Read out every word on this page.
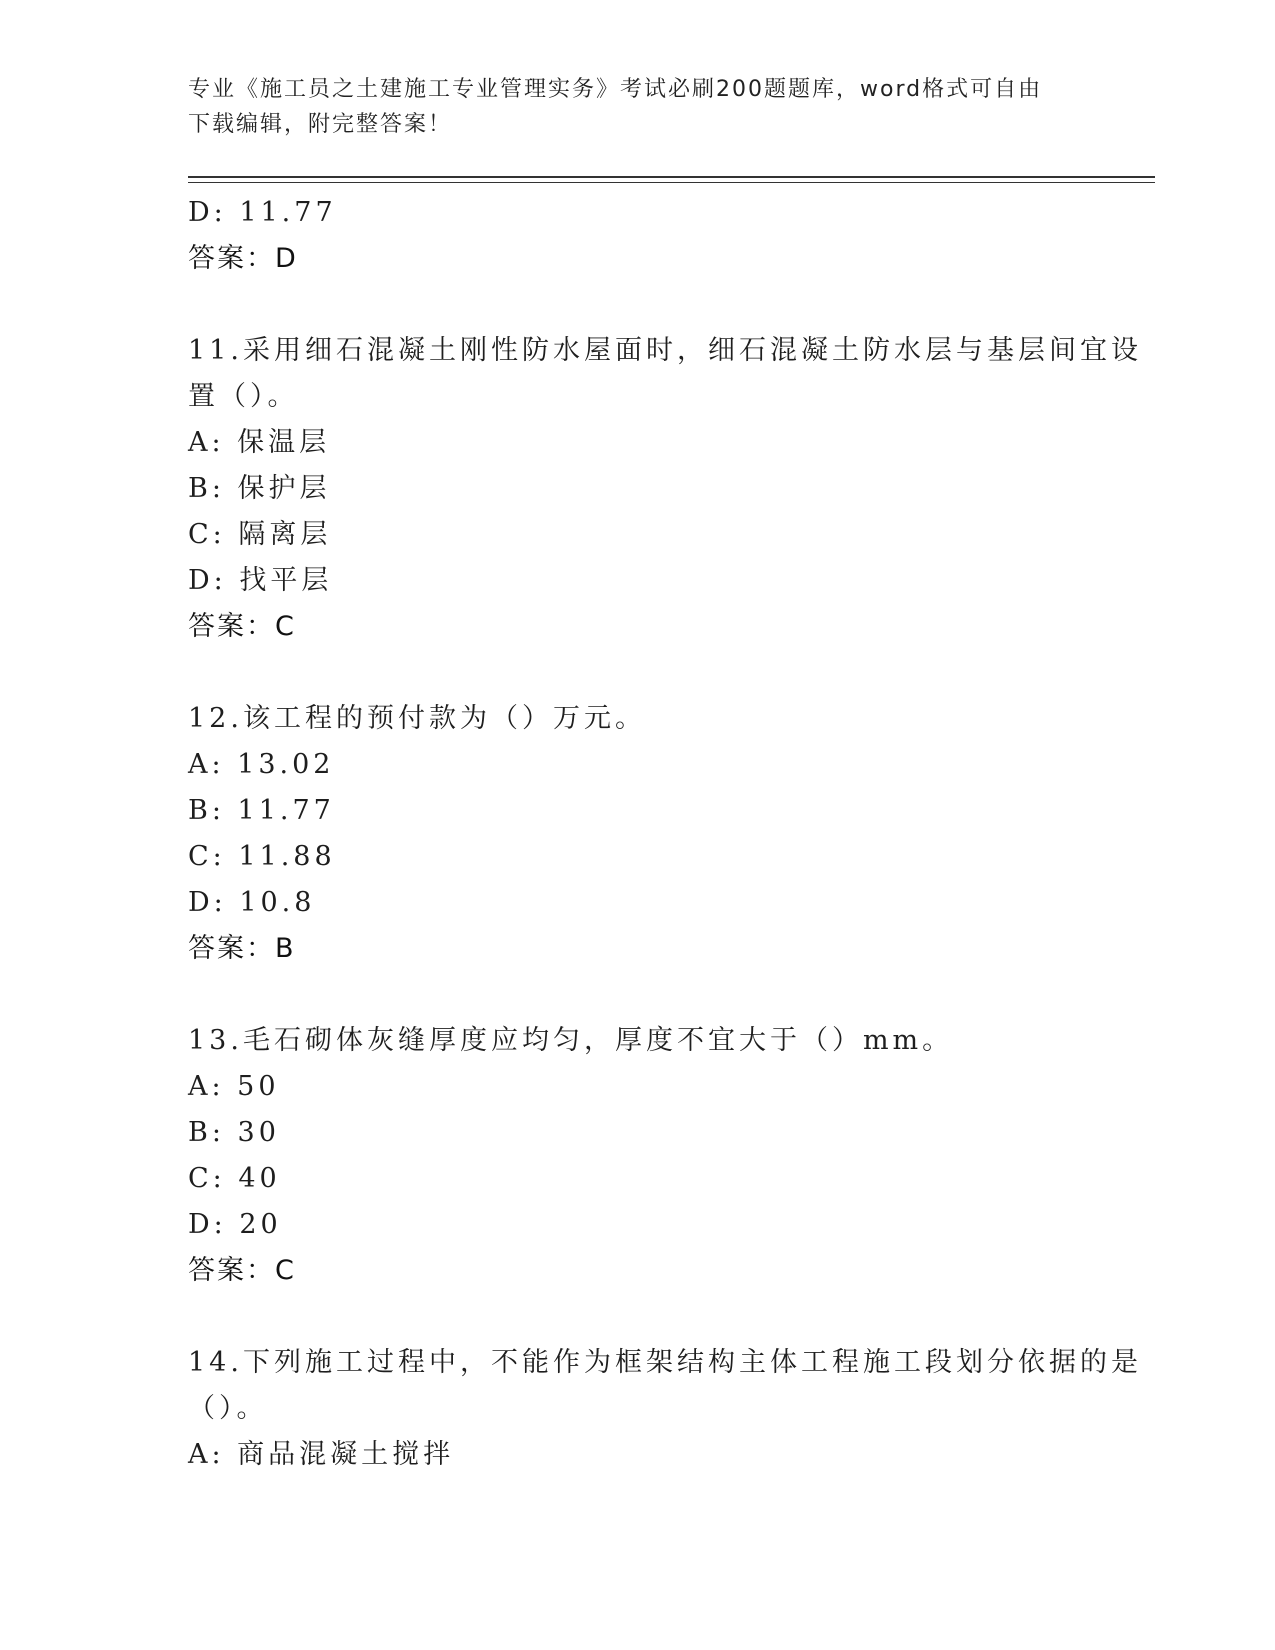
专业《施工员之土建施工专业管理实务》考试必刷200题题库，word格式可自由
下载编辑，附完整答案！
D: 11.77
答案：D
11.采用细石混凝土刚性防水屋面时，细石混凝土防水层与基层间宜设
置（）。
A: 保温层
B: 保护层
C: 隔离层
D: 找平层
答案：C
12.该工程的预付款为（）万元。
A: 13.02
B: 11.77
C: 11.88
D: 10.8
答案：B
13.毛石砌体灰缝厚度应均匀，厚度不宜大于（）mm。
A: 50
B: 30
C: 40
D: 20
答案：C
14.下列施工过程中，不能作为框架结构主体工程施工段划分依据的是
（）。
A: 商品混凝土搅拌
